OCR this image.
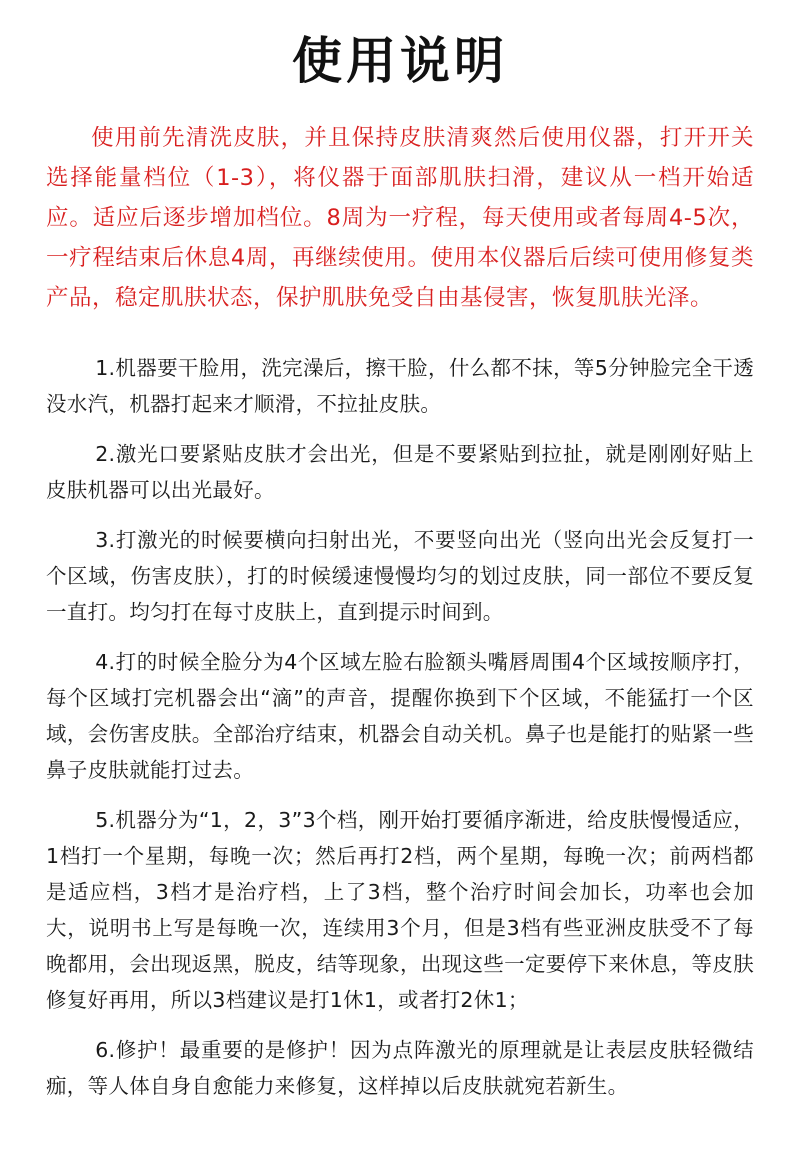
使用说明

使用前先清洗皮肤，并且保持皮肤清爽然后使用仪器，打开开关选择能量档位（1-3），将仪器于面部肌肤扫滑，建议从一档开始适应。适应后逐步增加档位。8周为一疗程，每天使用或者每周4-5次，一疗程结束后休息4周，再继续使用。使用本仪器后后续可使用修复类产品，稳定肌肤状态，保护肌肤免受自由基侵害，恢复肌肤光泽。

1.机器要干脸用，洗完澡后，擦干脸，什么都不抹，等5分钟脸完全干透没水汽，机器打起来才顺滑，不拉扯皮肤。

2.激光口要紧贴皮肤才会出光，但是不要紧贴到拉扯，就是刚刚好贴上皮肤机器可以出光最好。

3.打激光的时候要横向扫射出光，不要竖向出光（竖向出光会反复打一个区域，伤害皮肤），打的时候缓速慢慢均匀的划过皮肤，同一部位不要反复一直打。均匀打在每寸皮肤上，直到提示时间到。

4.打的时候全脸分为4个区域左脸右脸额头嘴唇周围4个区域按顺序打，每个区域打完机器会出“滴”的声音，提醒你换到下个区域，不能猛打一个区域，会伤害皮肤。全部治疗结束，机器会自动关机。鼻子也是能打的贴紧一些鼻子皮肤就能打过去。

5.机器分为“1，2，3”3个档，刚开始打要循序渐进，给皮肤慢慢适应，1档打一个星期，每晚一次；然后再打2档，两个星期，每晚一次；前两档都是适应档，3档才是治疗档，上了3档，整个治疗时间会加长，功率也会加大，说明书上写是每晚一次，连续用3个月，但是3档有些亚洲皮肤受不了每晚都用，会出现返黑，脱皮，结等现象，出现这些一定要停下来休息，等皮肤修复好再用，所以3档建议是打1休1，或者打2休1；

6.修护！最重要的是修护！因为点阵激光的原理就是让表层皮肤轻微结痂，等人体自身自愈能力来修复，这样掉以后皮肤就宛若新生。
